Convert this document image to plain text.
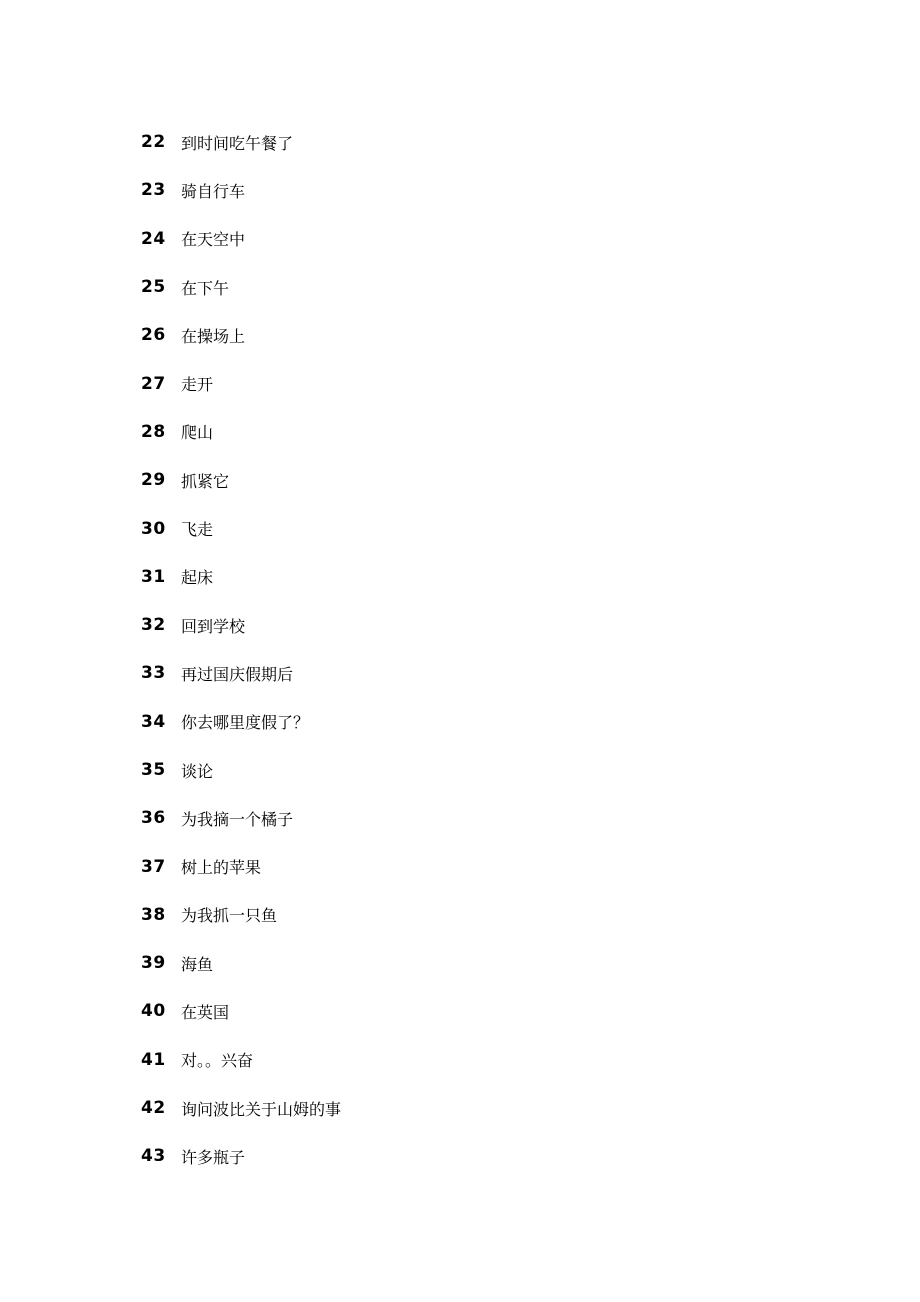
22 到时间吃午餐了
23 骑自行车
24 在天空中
25 在下午
26 在操场上
27 走开
28 爬山
29 抓紧它
30 飞走
31 起床
32 回到学校
33 再过国庆假期后
34 你去哪里度假了？
35 谈论
36 为我摘一个橘子
37 树上的苹果
38 为我抓一只鱼
39 海鱼
40 在英国
41 对。。兴奋
42 询问波比关于山姆的事
43 许多瓶子
